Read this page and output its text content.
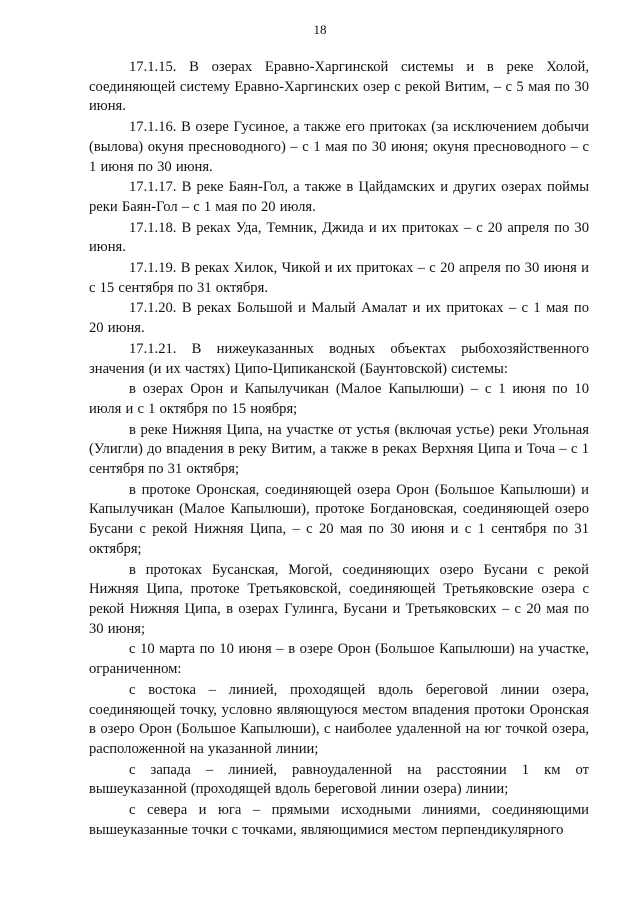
18

17.1.15. В озерах Еравно-Харгинской системы и в реке Холой, соединяющей систему Еравно-Харгинских озер с рекой Витим, – с 5 мая по 30 июня.

17.1.16. В озере Гусиное, а также его притоках (за исключением добычи (вылова) окуня пресноводного) – с 1 мая по 30 июня; окуня пресноводного – с 1 июня по 30 июня.

17.1.17. В реке Баян-Гол, а также в Цайдамских и других озерах поймы реки Баян-Гол – с 1 мая по 20 июля.

17.1.18. В реках Уда, Темник, Джида и их притоках – с 20 апреля по 30 июня.

17.1.19. В реках Хилок, Чикой и их притоках – с 20 апреля по 30 июня и с 15 сентября по 31 октября.

17.1.20. В реках Большой и Малый Амалат и их притоках – с 1 мая по 20 июня.

17.1.21. В нижеуказанных водных объектах рыбохозяйственного значения (и их частях) Ципо-Ципиканской (Баунтовской) системы:

в озерах Орон и Капылучикан (Малое Капылюши) – с 1 июня по 10 июля и с 1 октября по 15 ноября;

в реке Нижняя Ципа, на участке от устья (включая устье) реки Угольная (Улигли) до впадения в реку Витим, а также в реках Верхняя Ципа и Точа – с 1 сентября по 31 октября;

в протоке Оронская, соединяющей озера Орон (Большое Капылюши) и Капылучикан (Малое Капылюши), протоке Богдановская, соединяющей озеро Бусани с рекой Нижняя Ципа, – с 20 мая по 30 июня и с 1 сентября по 31 октября;

в протоках Бусанская, Могой, соединяющих озеро Бусани с рекой Нижняя Ципа, протоке Третьяковской, соединяющей Третьяковские озера с рекой Нижняя Ципа, в озерах Гулинга, Бусани и Третьяковских – с 20 мая по 30 июня;

с 10 марта по 10 июня – в озере Орон (Большое Капылюши) на участке, ограниченном:

с востока – линией, проходящей вдоль береговой линии озера, соединяющей точку, условно являющуюся местом впадения протоки Оронская в озеро Орон (Большое Капылюши), с наиболее удаленной на юг точкой озера, расположенной на указанной линии;

с запада – линией, равноудаленной на расстоянии 1 км от вышеуказанной (проходящей вдоль береговой линии озера) линии;

с севера и юга – прямыми исходными линиями, соединяющими вышеуказанные точки с точками, являющимися местом перпендикулярного
